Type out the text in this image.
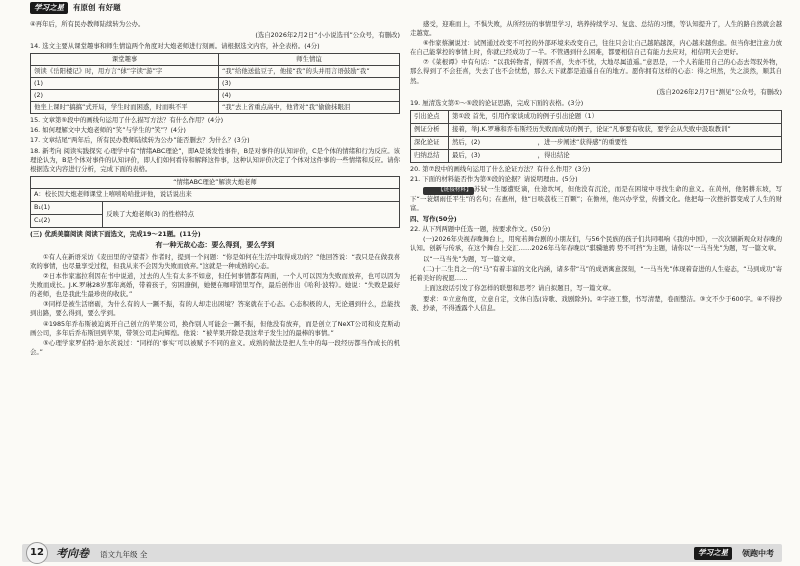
学习之星	有原创 有好题

④再年后，所有民办教师陆续转为公办。

(选自2026年2月2日“小小说选刊”公众号，有删改)

14. 选文主要从课堂趣事和师生情谊两个角度对大炮老师进行刻画。请根据选文内容，补全表格。(4分)

课堂趣事	师生情谊
领读《岳阳楼记》时，用方言“俅”字读“游”字	“我”给他送盐豆子，他接“我”的头并用言语鼓励“我”
(1)	(3)
(2)	(4)
他坐上课时“搞搞”式开局，学生时而困惑，时而哄不平	“我”去上省重点高中，他背对“我”偷偷抹眼泪

15. 文章第⑤段中的画线句运用了什么描写方法？有什么作用？(4分)

16. 如何理解文中大炮老师的“笑”与学生的“笑”？(4分)

17. 文章结尾“两年后，所有民办教师陆续转为公办”能否删去？为什么？(3分)

18. 新考向 阅读实践探究 心理学中有“情绪ABC理论”，即A是诱发性事件，B是对事件的认知评价，C是个体的情绪和行为反应。该理论认为，B是个体对事件的认知评价，即人们如何看待和解释这件事，这种认知评价决定了个体对这件事的一些情绪和反应。请你根据选文内容进行分析，完成下面的表格。

“情绪ABC理论”解读大炮老师
A：校长因大炮老师课堂上嘻嘻哈哈批评他，说话说出来
B₁(1)	反映了大炮老师(3) 的性格特点
C₁(2)

(三) 优质美篇阅读 阅读下面选文，完成19～21题。(11分)

有一种无故心态：要么得到，要么学到

①有人在新语采访《麦田里的守望者》作者时，提到一个问题：“你是如何在生活中取得成功的？”他回答说：“我只是在做我喜欢的事情，也尽量享受过程，但我从来不会因为失败而放弃。”这就是一种成熟的心态。

②日本作家塞拉利因在书中说道，过去的人生有太多不如意，但任何事情都有两面，一个人可以因为失败而放弃，也可以因为失败而成长。J.K.罗琳28岁那年离婚，带着孩子，穷困潦倒，她便在咖啡馆里写作，最后创作出《哈利·波特》。她说：“失败是最好的老师，也是我此生最珍贵的收获。”

③同样是被生活磨砺，为什么有的人一蹶不振，有的人却走出困境？答案就在于心态。心态积极的人，无论遇到什么，总能找到出路，要么得到，要么学到。

④1985年乔布斯被迫离开自己创立的苹果公司，换作别人可能会一蹶不振，但他没有放弃，而是创立了NeXT公司和皮克斯动画公司，多年后乔布斯回到苹果，带领公司走向辉煌。他说：“被苹果开除是我这辈子发生过的最棒的事情。”

⑤心理学家罗伯特·迪尔茨说过：“同样的‘事实’可以被赋予不同的意义。成熟的做法是把人生中的每一段经历都当作成长的机会。”

感受，迎难而上，不惧失败，从所经历的事情里学习，培养持续学习、复盘、总结的习惯，等认知提升了，人生的路自然就会越走越宽。

⑥作家蔡澜说过：试图通过改变不可控的外部环境来改变自己，往往只会让自己越陷越深，内心越来越焦虑。但当你把注意力放在自己能掌控的事情上时，你就已经成功了一半。不管遇到什么困难，都要相信自己有能力去应对，相信明天会更好。

⑦《菜根谭》中有句话：“以我转物者，得固不喜，失亦不忧，大地尽属逍遥。”意思是，一个人若能用自己的心态去驾驭外物，那么得到了不会狂喜，失去了也不会忧愁，那么天下就都是逍遥自在的地方。愿你拥有这样的心态：得之坦然，失之淡然，顺其自然。

(选自2026年2月7日“测见”公众号，有删改)

19. 厘清选文第①～⑤段的论证思路，完成下面的表格。(3分)

引出论点	第①段 首先，引用作家谈成功的例子引出论题（1）
例证分析	接着，举J.K.罗琳和乔布斯经历失败而成功的例子，论证“凡事要有收获，要学会从失败中汲取教训”
深化论证	然后，(2)　　　　　　　　　，进一步阐述“获得感”的重要性
归纳总结	最后，(3)　　　　　　　　　，得出结论

20. 第⑦段中的画线句运用了什么论证方法？有什么作用？(3分)

21. 下面的材料能否作为第⑤段的论据？请说明理由。(5分)

【链接材料】 苏轼一生屡遭贬谪，仕途坎坷，但他没有沉沦，而是在困境中寻找生命的意义。在黄州，他躬耕东坡，写下“一蓑烟雨任平生”的名句；在惠州，他“日啖荔枝三百颗”；在儋州，他兴办学堂，传播文化。他把每一次挫折都变成了人生的财富。

四、写作(50分)

22. 从下列两题中任选一题，按要求作文。(50分)

(一)2026年央视春晚舞台上，用宛若舞台剧的小朋友们，与56个民族的孩子们共同唱响《我的中国》，一次次刷新观众对春晚的认知。创新与传承，在这个舞台上交汇……2026年马年春晚以“骐骥驰骋 势不可挡”为主题，请你以“一马当先”为题，写一篇文章。

以“一马当先”为题，写一篇文章。

(二)十二生肖之一的“马”有着丰富的文化内涵，诸多带“马”的成语寓意深刻，“一马当先”体现着奋进的人生姿态，“马到成功”寄托着美好的祝愿……

上面这段话引发了你怎样的联想和思考？请自拟题目，写一篇文章。

要求：①立意角度，立意自定，文体自选(诗歌、戏剧除外)。②字迹工整，书写清楚，卷面整洁。③文不少于600字。④不得抄袭、抄录，不得透露个人信息。

12	考向卷 语文九年级 全	学习之星	领跑中考
